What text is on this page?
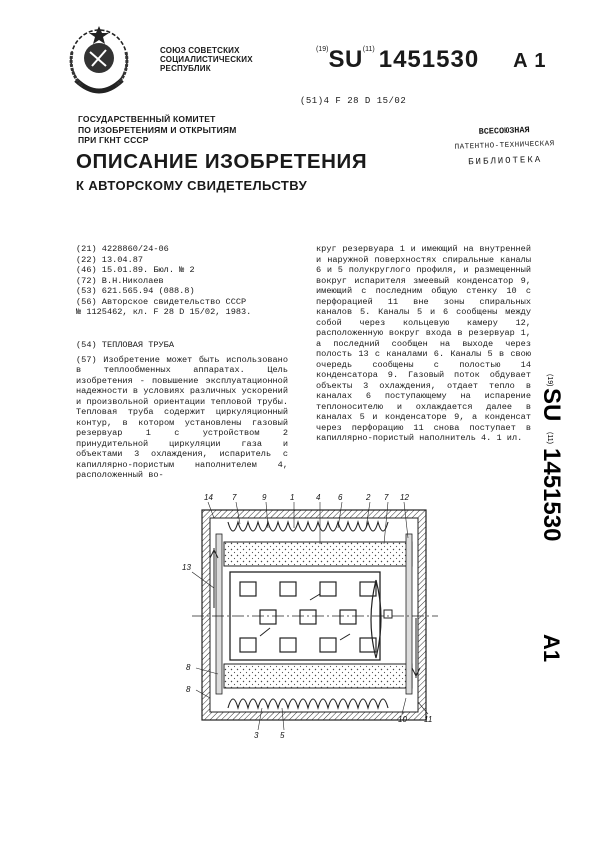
СОЮЗ СОВЕТСКИХ
СОЦИАЛИСТИЧЕСКИХ
РЕСПУБЛИК
$^{(19)}$SU$^{(11)}$ 1451530 A 1
(51)4 F 28 D 15/02
ГОСУДАРСТВЕННЫЙ КОМИТЕТ
ПО ИЗОБРЕТЕНИЯМ И ОТКРЫТИЯМ
ПРИ ГКНТ СССР
ВСЕСОЮЗНАЯ
ПАТЕНТНО-ТЕХНИЧЕСКАЯ
БИБЛИОТЕКА
ОПИСАНИЕ ИЗОБРЕТЕНИЯ
К АВТОРСКОМУ СВИДЕТЕЛЬСТВУ
(21) 4228860/24-06
(22) 13.04.87
(46) 15.01.89. Бюл. № 2
(72) В.Н.Николаев
(53) 621.565.94 (088.8)
(56) Авторское свидетельство СССР
№ 1125462, кл. F 28 D 15/02, 1983.
(54) ТЕПЛОВАЯ ТРУБА
(57) Изобретение может быть использовано в теплообменных аппаратах. Цель изобретения - повышение эксплуатационной надежности в условиях различных ускорений и произвольной ориентации тепловой трубы. Тепловая труба содержит циркуляционный контур, в котором установлены газовый резервуар 1 с устройством 2 принудительной циркуляции газа и объектами 3 охлаждения, испаритель с капиллярно-пористым наполнителем 4, расположенный во-
круг резервуара 1 и имеющий на внутренней и наружной поверхностях спиральные каналы 6 и 5 полукруглого профиля, и размещенный вокруг испарителя змеевый конденсатор 9, имеющий с последним общую стенку 10 с перфорацией 11 вне зоны спиральных каналов 5. Каналы 5 и 6 сообщены между собой через кольцевую камеру 12, расположенную вокруг входа в резервуар 1, а последний сообщен на выходе через полость 13 с каналами 6. Каналы 5 в свою очередь сообщены с полостью 14 конденсатора 9. Газовый поток обдувает объекты 3 охлаждения, отдает тепло в каналах 6 поступающему на испарение теплоносителю и охлаждается далее в каналах 5 и конденсаторе 9, а конденсат через перфорацию 11 снова поступает в капиллярно-пористый наполнитель 4. 1 ил.
(19)
SU
(11)
1451530
A1
14 7	9	1	4 6	2 7 12
13
8
8
3	5
10 11
